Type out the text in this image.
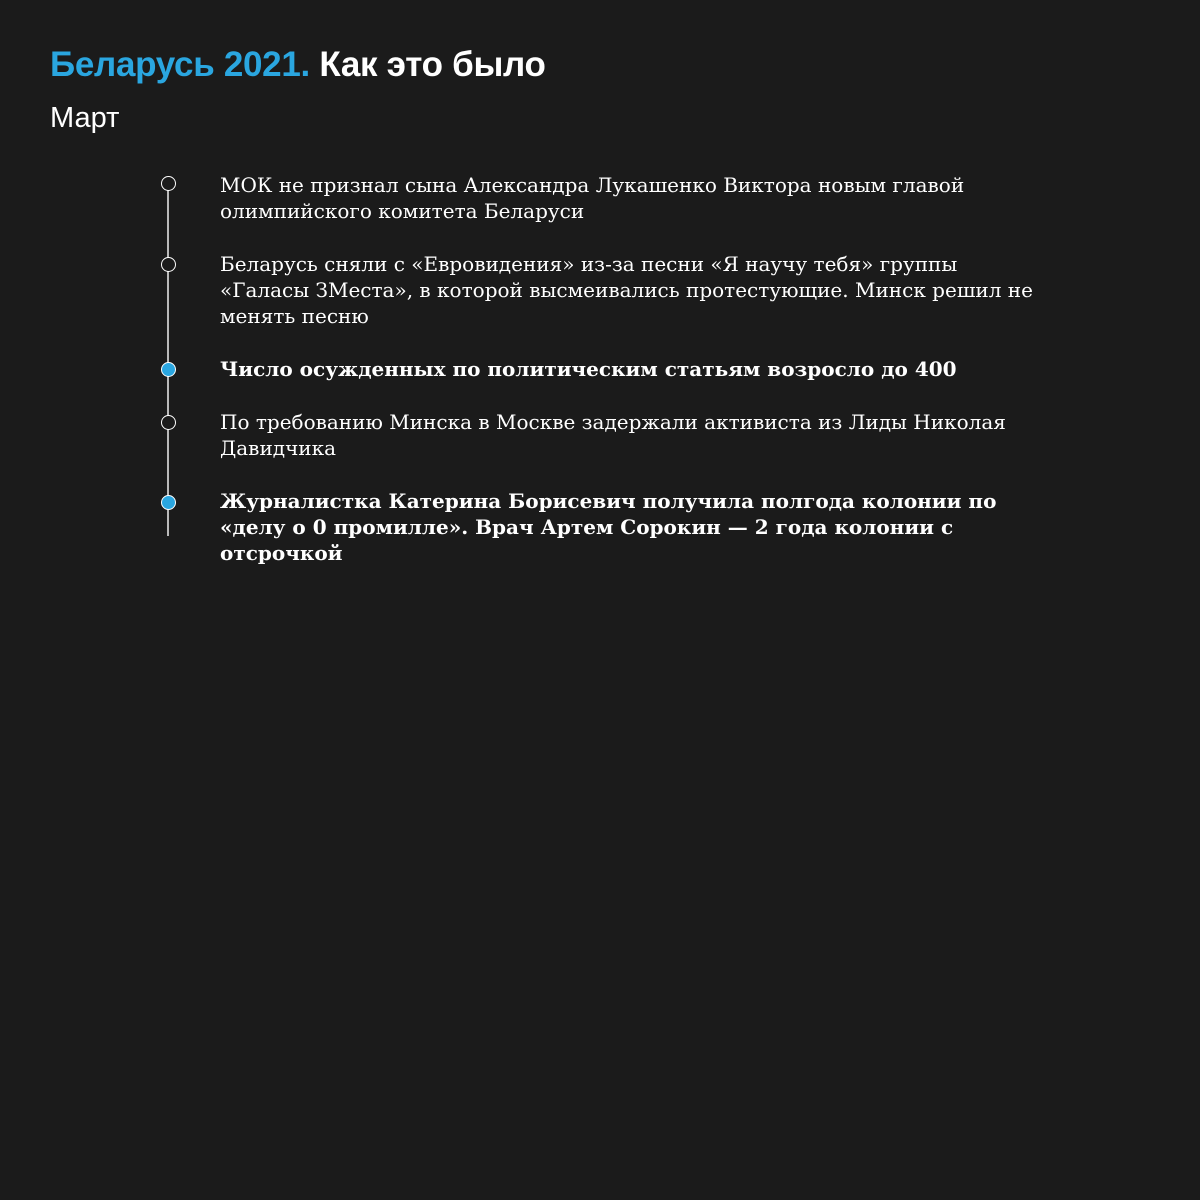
Беларусь 2021. Как это было
Март

МОК не признал сына Александра Лукашенко Виктора новым главой олимпийского комитета Беларуси

Беларусь сняли с «Евровидения» из-за песни «Я научу тебя» группы «Галасы ЗМеста», в которой высмеивались протестующие. Минск решил не менять песню

Число осужденных по политическим статьям возросло до 400

По требованию Минска в Москве задержали активиста из Лиды Николая Давидчика

Журналистка Катерина Борисевич получила полгода колонии по «делу о 0 промилле». Врач Артем Сорокин — 2 года колонии с отсрочкой
